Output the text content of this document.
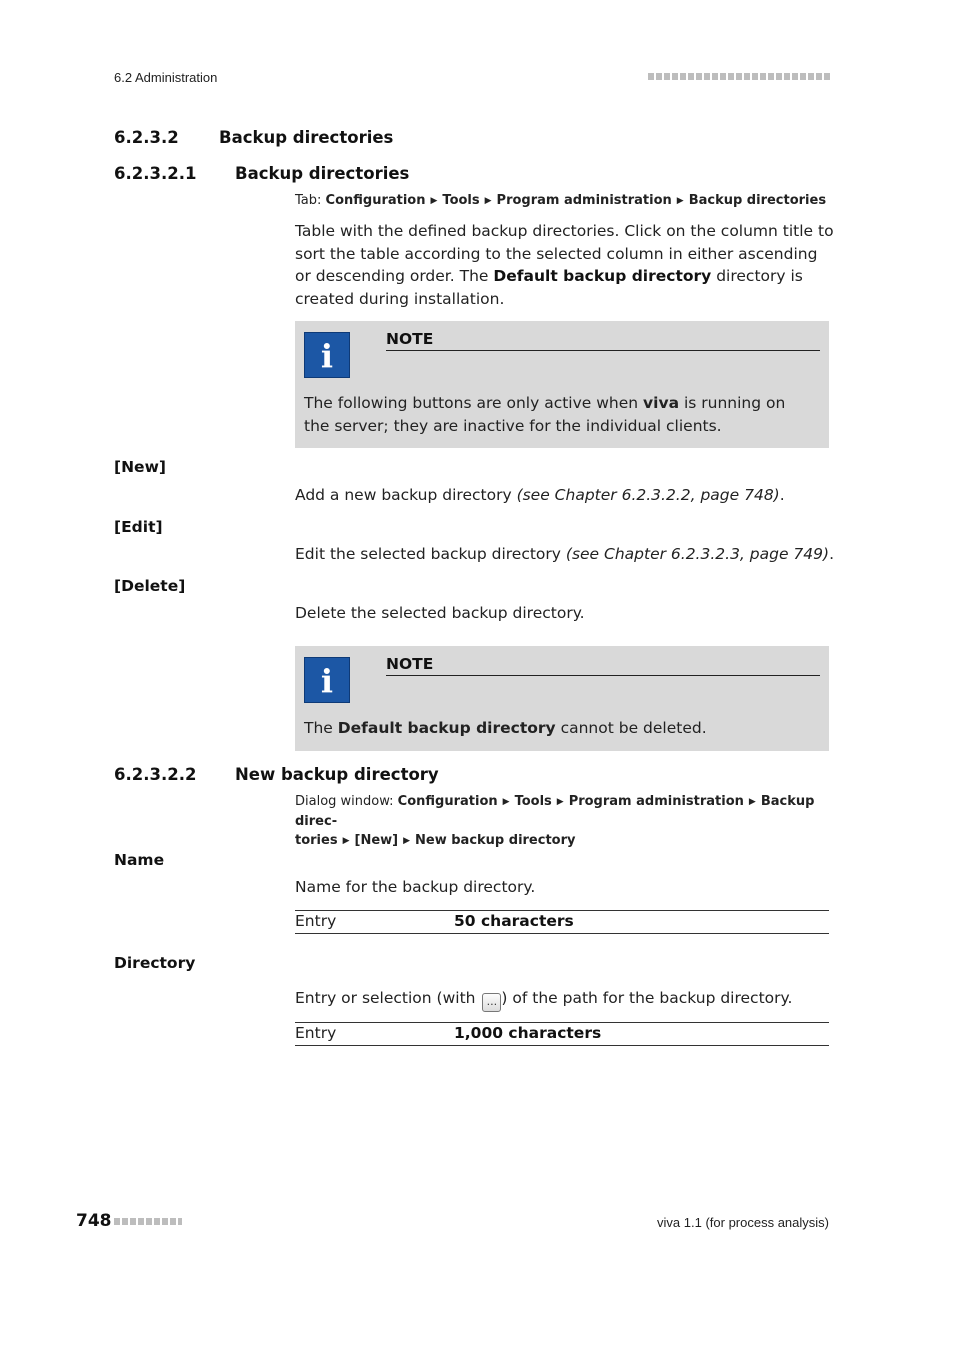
6.2 Administration
6.2.3.2 Backup directories
6.2.3.2.1 Backup directories
Tab: Configuration ▶ Tools ▶ Program administration ▶ Backup directories
Table with the defined backup directories. Click on the column title to sort the table according to the selected column in either ascending or descending order. The Default backup directory directory is created during installation.
i	NOTE
The following buttons are only active when viva is running on the server; they are inactive for the individual clients.
[New]
Add a new backup directory (see Chapter 6.2.3.2.2, page 748).
[Edit]
Edit the selected backup directory (see Chapter 6.2.3.2.3, page 749).
[Delete]
Delete the selected backup directory.
i	NOTE
The Default backup directory cannot be deleted.
6.2.3.2.2 New backup directory
Dialog window: Configuration ▶ Tools ▶ Program administration ▶ Backup direc-
tories ▶ [New] ▶ New backup directory
Name
Name for the backup directory.
Entry	50 characters
Directory
Entry or selection (with ... ) of the path for the backup directory.
Entry	1,000 characters
748	viva 1.1 (for process analysis)
